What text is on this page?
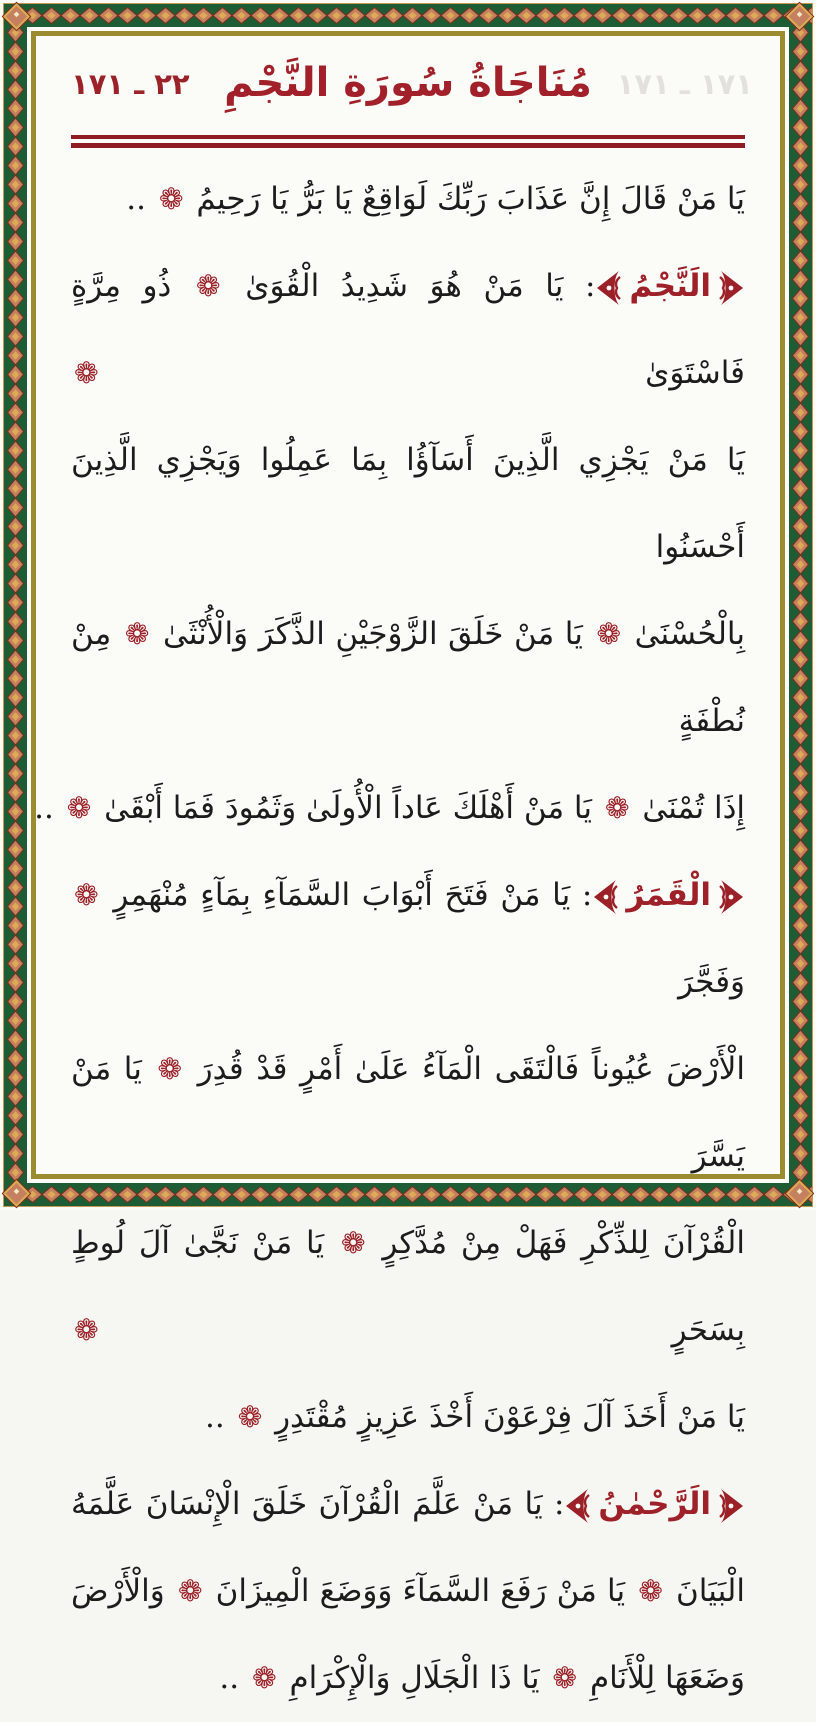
٢٢ ـ ١٧١	١٧١ ـ ١٧١
مُنَاجَاةُ سُورَةِ النَّجْمِ
يَا مَنْ قَالَ إِنَّ عَذَابَ رَبِّكَ لَوَاقِعٌ يَا بَرُّ يَا رَحِيمُ ❁ ..
الَنَّجْمُ: يَا مَنْ هُوَ شَدِيدُ الْقُوَىٰ ❁ ذُو مِرَّةٍ فَاسْتَوَىٰ ❁
يَا مَنْ يَجْزِي الَّذِينَ أَسَآؤُا بِمَا عَمِلُوا وَيَجْزِي الَّذِينَ أَحْسَنُوا
بِالْحُسْنَىٰ ❁ يَا مَنْ خَلَقَ الزَّوْجَيْنِ الذَّكَرَ وَالْأُنْثَىٰ ❁ مِنْ نُطْفَةٍ
إِذَا تُمْنَىٰ ❁ يَا مَنْ أَهْلَكَ عَاداً الْأُولَىٰ وَثَمُودَ فَمَا أَبْقَىٰ ❁ ..
الْقَمَرُ: يَا مَنْ فَتَحَ أَبْوَابَ السَّمَآءِ بِمَآءٍ مُنْهَمِرٍ ❁ وَفَجَّرَ
الْأَرْضَ عُيُوناً فَالْتَقَى الْمَآءُ عَلَىٰ أَمْرٍ قَدْ قُدِرَ ❁ يَا مَنْ يَسَّرَ
الْقُرْآنَ لِلذِّكْرِ فَهَلْ مِنْ مُدَّكِرٍ ❁ يَا مَنْ نَجَّىٰ آلَ لُوطٍ بِسَحَرٍ ❁
يَا مَنْ أَخَذَ آلَ فِرْعَوْنَ أَخْذَ عَزِيزٍ مُقْتَدِرٍ ❁ ..
الَرَّحْمٰنُ: يَا مَنْ عَلَّمَ الْقُرْآنَ خَلَقَ الْإِنْسَانَ عَلَّمَهُ
الْبَيَانَ ❁ يَا مَنْ رَفَعَ السَّمَآءَ وَوَضَعَ الْمِيزَانَ ❁ وَالْأَرْضَ
وَضَعَهَا لِلْأَنَامِ ❁ يَا ذَا الْجَلَالِ وَالْإِكْرَامِ ❁ ..
